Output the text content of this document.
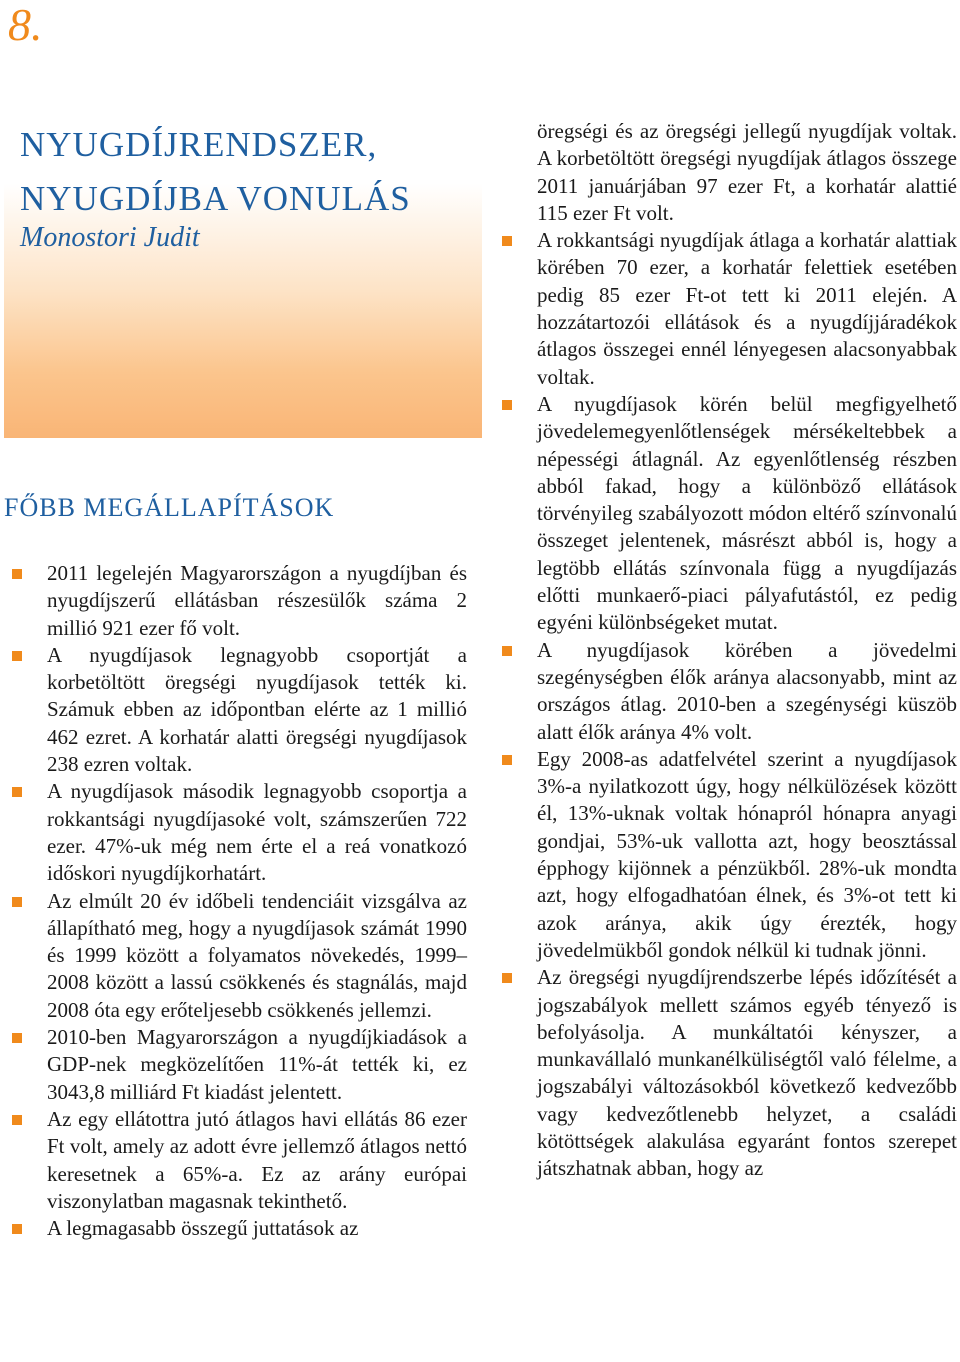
8.
NYUGDÍJRENDSZER,
NYUGDÍJBA VONULÁS
Monostori Judit
FŐBB MEGÁLLAPÍTÁSOK
2011 legelején Magyarországon a nyugdíjban és nyugdíjszerű ellátásban részesülők száma 2 millió 921 ezer fő volt.
A nyugdíjasok legnagyobb csoportját a korbetöltött öregségi nyugdíjasok tették ki. Számuk ebben az időpontban elérte az 1 millió 462 ezret. A korhatár alatti öregségi nyugdíjasok 238 ezren voltak.
A nyugdíjasok második legnagyobb csoportja a rokkantsági nyugdíjasoké volt, számszerűen 722 ezer. 47%-uk még nem érte el a reá vonatkozó időskori nyugdíjkorhatárt.
Az elmúlt 20 év időbeli tendenciáit vizsgálva az állapítható meg, hogy a nyugdíjasok számát 1990 és 1999 között a folyamatos növekedés, 1999–2008 között a lassú csökkenés és stagnálás, majd 2008 óta egy erőteljesebb csökkenés jellemzi.
2010-ben Magyarországon a nyugdíjkiadások a GDP-nek megközelítően 11%-át tették ki, ez 3043,8 milliárd Ft kiadást jelentett.
Az egy ellátottra jutó átlagos havi ellátás 86 ezer Ft volt, amely az adott évre jellemző átlagos nettó keresetnek a 65%-a. Ez az arány európai viszonylatban magasnak tekinthető.
A legmagasabb összegű juttatások az
öregségi és az öregségi jellegű nyugdíjak voltak. A korbetöltött öregségi nyugdíjak átlagos összege 2011 januárjában 97 ezer Ft, a korhatár alattié 115 ezer Ft volt.
A rokkantsági nyugdíjak átlaga a korhatár alattiak körében 70 ezer, a korhatár felettiek esetében pedig 85 ezer Ft-ot tett ki 2011 elején. A hozzátartozói ellátások és a nyugdíjjáradékok átlagos összegei ennél lényegesen alacsonyabbak voltak.
A nyugdíjasok körén belül megfigyelhető jövedelemegyenlőtlenségek mérsékeltebbek a népességi átlagnál. Az egyenlőtlenség részben abból fakad, hogy a különböző ellátások törvényileg szabályozott módon eltérő színvonalú összeget jelentenek, másrészt abból is, hogy a legtöbb ellátás színvonala függ a nyugdíjazás előtti munkaerő-piaci pályafutástól, ez pedig egyéni különbségeket mutat.
A nyugdíjasok körében a jövedelmi szegénységben élők aránya alacsonyabb, mint az országos átlag. 2010-ben a szegénységi küszöb alatt élők aránya 4% volt.
Egy 2008-as adatfelvétel szerint a nyugdíjasok 3%-a nyilatkozott úgy, hogy nélkülözések között él, 13%-uknak voltak hónapról hónapra anyagi gondjai, 53%-uk vallotta azt, hogy beosztással épphogy kijönnek a pénzükből. 28%-uk mondta azt, hogy elfogadhatóan élnek, és 3%-ot tett ki azok aránya, akik úgy érezték, hogy jövedelmükből gondok nélkül ki tudnak jönni.
Az öregségi nyugdíjrendszerbe lépés időzítését a jogszabályok mellett számos egyéb tényező is befolyásolja. A munkáltatói kényszer, a munkavállaló munkanélküliségtől való félelme, a jogszabályi változásokból következő kedvezőbb vagy kedvezőtlenebb helyzet, a családi kötöttségek alakulása egyaránt fontos szerepet játszhatnak abban, hogy az
